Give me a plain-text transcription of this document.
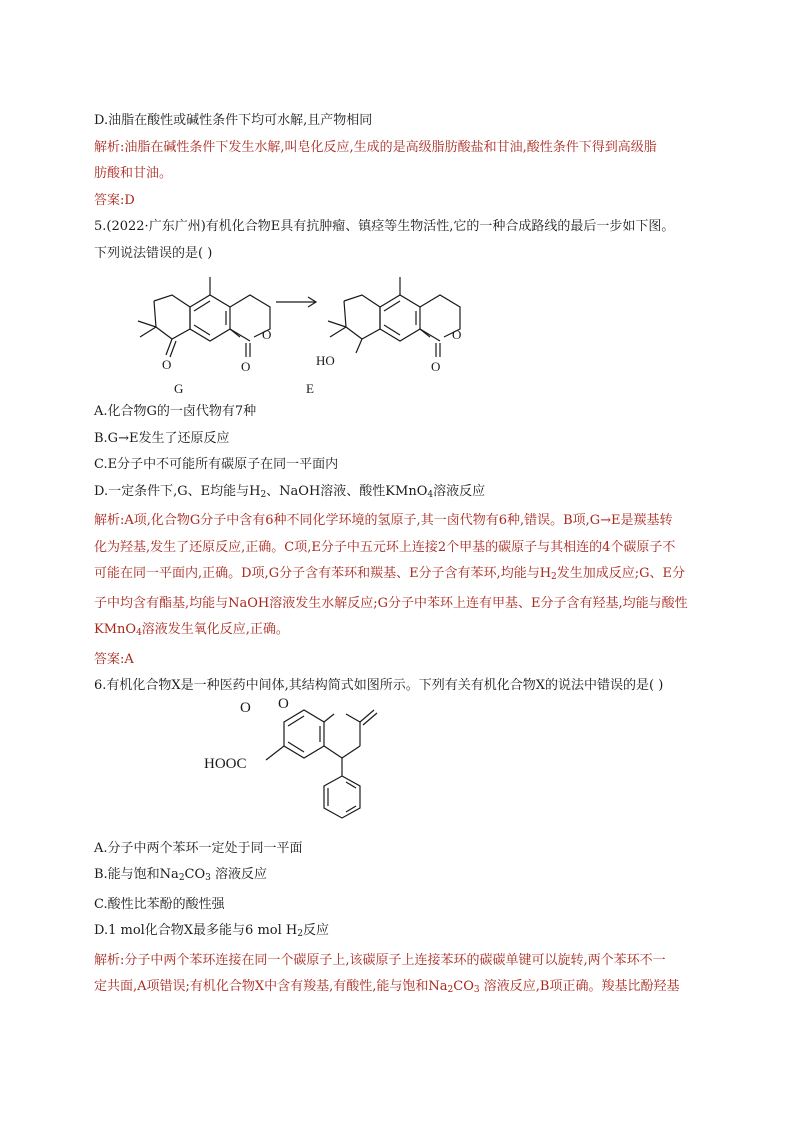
D.油脂在酸性或碱性条件下均可水解,且产物相同
解析:油脂在碱性条件下发生水解,叫皂化反应,生成的是高级脂肪酸盐和甘油,酸性条件下得到高级脂
肪酸和甘油。
答案:D
5.(2022·广东广州)有机化合物E具有抗肿瘤、镇痉等生物活性,它的一种合成路线的最后一步如下图。
下列说法错误的是( )
O
O
O	HO
O
O
G	E
A.化合物G的一卤代物有7种
B.G→E发生了还原反应
C.E分子中不可能所有碳原子在同一平面内
D.一定条件下,G、E均能与$H_2$、NaOH溶液、酸性KMnO$_4$溶液反应
解析:A项,化合物G分子中含有6种不同化学环境的氢原子,其一卤代物有6种,错误。B项,G→E是羰基转
化为羟基,发生了还原反应,正确。C项,E分子中五元环上连接2个甲基的碳原子与其相连的4个碳原子不
可能在同一平面内,正确。D项,G分子含有苯环和羰基、E分子含有苯环,均能与$H_2$发生加成反应;G、E分
子中均含有酯基,均能与NaOH溶液发生水解反应;G分子中苯环上连有甲基、E分子含有羟基,均能与酸性
KMnO$_4$溶液发生氧化反应,正确。
答案:A
6.有机化合物X是一种医药中间体,其结构简式如图所示。下列有关有机化合物X的说法中错误的是( )
O O
HOOC
A.分子中两个苯环一定处于同一平面
B.能与饱和$Na_2CO_3$ 溶液反应
C.酸性比苯酚的酸性强
D.1 mol化合物X最多能与6 mol $H_2$反应
解析:分子中两个苯环连接在同一个碳原子上,该碳原子上连接苯环的碳碳单键可以旋转,两个苯环不一
定共面,A项错误;有机化合物X中含有羧基,有酸性,能与饱和$Na_2CO_3$ 溶液反应,B项正确。羧基比酚羟基
